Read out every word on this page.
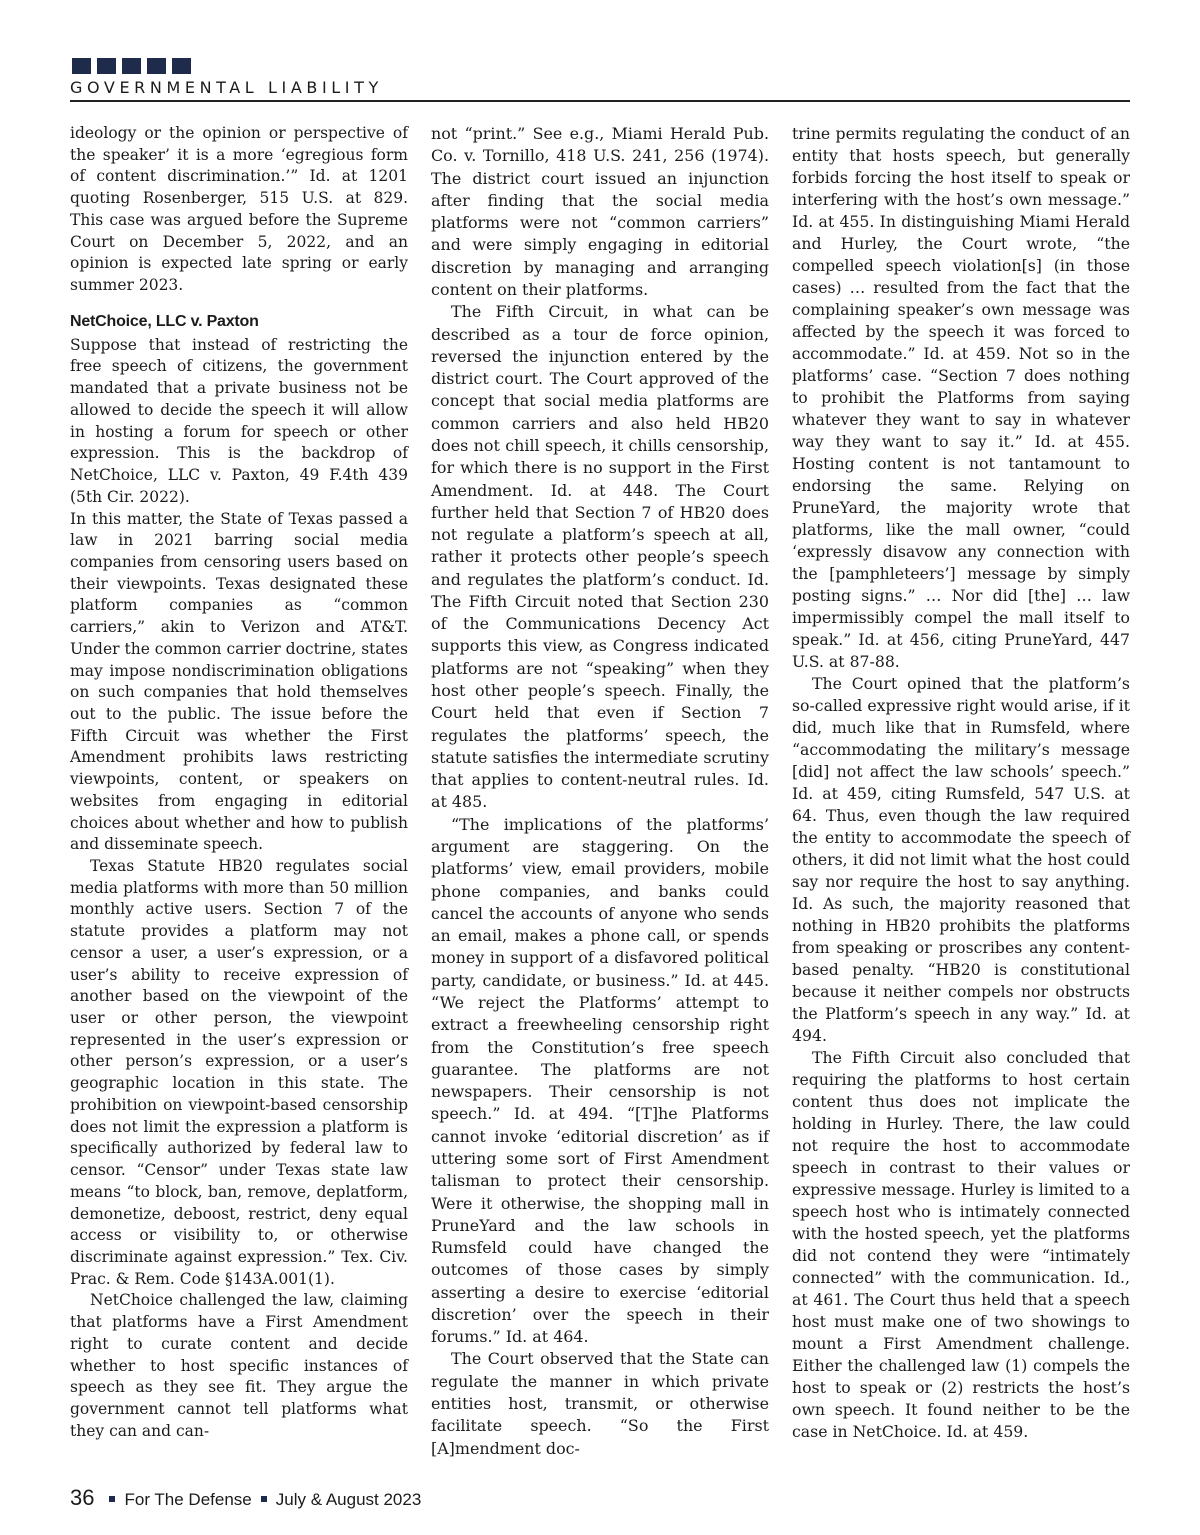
GOVERNMENTAL LIABILITY

ideology or the opinion or perspective of the speaker’ it is a more ‘egregious form of content discrimination.’” Id. at 1201 quoting Rosenberger, 515 U.S. at 829. This case was argued before the Supreme Court on December 5, 2022, and an opinion is expected late spring or early summer 2023.

NetChoice, LLC v. Paxton

Suppose that instead of restricting the free speech of citizens, the government mandated that a private business not be allowed to decide the speech it will allow in hosting a forum for speech or other expression. This is the backdrop of NetChoice, LLC v. Paxton, 49 F.4th 439 (5th Cir. 2022).

In this matter, the State of Texas passed a law in 2021 barring social media companies from censoring users based on their viewpoints. Texas designated these platform companies as “common carriers,” akin to Verizon and AT&T. Under the common carrier doctrine, states may impose nondiscrimination obligations on such companies that hold themselves out to the public. The issue before the Fifth Circuit was whether the First Amendment prohibits laws restricting viewpoints, content, or speakers on websites from engaging in editorial choices about whether and how to publish and disseminate speech.

Texas Statute HB20 regulates social media platforms with more than 50 million monthly active users. Section 7 of the statute provides a platform may not censor a user, a user’s expression, or a user’s ability to receive expression of another based on the viewpoint of the user or other person, the viewpoint represented in the user’s expression or other person’s expression, or a user’s geographic location in this state. The prohibition on viewpoint-based censorship does not limit the expression a platform is specifically authorized by federal law to censor. “Censor” under Texas state law means “to block, ban, remove, deplatform, demonetize, deboost, restrict, deny equal access or visibility to, or otherwise discriminate against expression.” Tex. Civ. Prac. & Rem. Code §143A.001(1).

NetChoice challenged the law, claiming that platforms have a First Amendment right to curate content and decide whether to host specific instances of speech as they see fit. They argue the government cannot tell platforms what they can and can-

not “print.” See e.g., Miami Herald Pub. Co. v. Tornillo, 418 U.S. 241, 256 (1974). The district court issued an injunction after finding that the social media platforms were not “common carriers” and were simply engaging in editorial discretion by managing and arranging content on their platforms.

The Fifth Circuit, in what can be described as a tour de force opinion, reversed the injunction entered by the district court. The Court approved of the concept that social media platforms are common carriers and also held HB20 does not chill speech, it chills censorship, for which there is no support in the First Amendment. Id. at 448. The Court further held that Section 7 of HB20 does not regulate a platform’s speech at all, rather it protects other people’s speech and regulates the platform’s conduct. Id. The Fifth Circuit noted that Section 230 of the Communications Decency Act supports this view, as Congress indicated platforms are not “speaking” when they host other people’s speech. Finally, the Court held that even if Section 7 regulates the platforms’ speech, the statute satisfies the intermediate scrutiny that applies to content-neutral rules. Id. at 485.

“The implications of the platforms’ argument are staggering. On the platforms’ view, email providers, mobile phone companies, and banks could cancel the accounts of anyone who sends an email, makes a phone call, or spends money in support of a disfavored political party, candidate, or business.” Id. at 445. “We reject the Platforms’ attempt to extract a freewheeling censorship right from the Constitution’s free speech guarantee. The platforms are not newspapers. Their censorship is not speech.” Id. at 494. “[T]he Platforms cannot invoke ‘editorial discretion’ as if uttering some sort of First Amendment talisman to protect their censorship. Were it otherwise, the shopping mall in PruneYard and the law schools in Rumsfeld could have changed the outcomes of those cases by simply asserting a desire to exercise ‘editorial discretion’ over the speech in their forums.” Id. at 464.

The Court observed that the State can regulate the manner in which private entities host, transmit, or otherwise facilitate speech. “So the First [A]mendment doc-

trine permits regulating the conduct of an entity that hosts speech, but generally forbids forcing the host itself to speak or interfering with the host’s own message.” Id. at 455. In distinguishing Miami Herald and Hurley, the Court wrote, “the compelled speech violation[s] (in those cases) … resulted from the fact that the complaining speaker’s own message was affected by the speech it was forced to accommodate.” Id. at 459. Not so in the platforms’ case. “Section 7 does nothing to prohibit the Platforms from saying whatever they want to say in whatever way they want to say it.” Id. at 455. Hosting content is not tantamount to endorsing the same. Relying on PruneYard, the majority wrote that platforms, like the mall owner, “could ‘expressly disavow any connection with the [pamphleteers’] message by simply posting signs.” … Nor did [the] … law impermissibly compel the mall itself to speak.” Id. at 456, citing PruneYard, 447 U.S. at 87-88.

The Court opined that the platform’s so-called expressive right would arise, if it did, much like that in Rumsfeld, where “accommodating the military’s message [did] not affect the law schools’ speech.” Id. at 459, citing Rumsfeld, 547 U.S. at 64. Thus, even though the law required the entity to accommodate the speech of others, it did not limit what the host could say nor require the host to say anything. Id. As such, the majority reasoned that nothing in HB20 prohibits the platforms from speaking or proscribes any content-based penalty. “HB20 is constitutional because it neither compels nor obstructs the Platform’s speech in any way.” Id. at 494.

The Fifth Circuit also concluded that requiring the platforms to host certain content thus does not implicate the holding in Hurley. There, the law could not require the host to accommodate speech in contrast to their values or expressive message. Hurley is limited to a speech host who is intimately connected with the hosted speech, yet the platforms did not contend they were “intimately connected” with the communication. Id., at 461. The Court thus held that a speech host must make one of two showings to mount a First Amendment challenge. Either the challenged law (1) compels the host to speak or (2) restricts the host’s own speech. It found neither to be the case in NetChoice. Id. at 459.

36 For The Defense July & August 2023
